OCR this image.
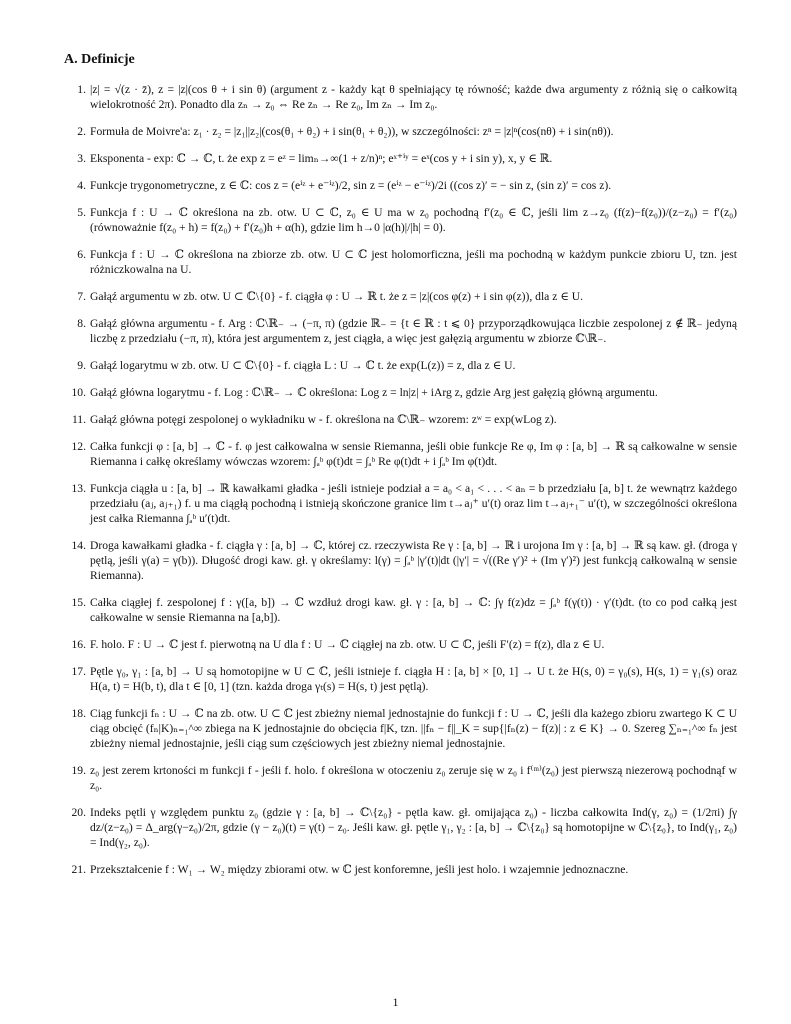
A. Definicje
1. |z| = √(z · z̄), z = |z|(cos θ + i sin θ) (argument z - każdy kąt θ spełniający tę równość; każde dwa argumenty z różnią się o całkowitą wielokrotność 2π). Ponadto dla zₙ → z₀ ⇔ Re zₙ → Re z₀, Im zₙ → Im z₀.
2. Formuła de Moivre'a: z₁ · z₂ = |z₁||z₂|(cos(θ₁ + θ₂) + i sin(θ₁ + θ₂)), w szczególności: zⁿ = |z|ⁿ(cos(nθ) + i sin(nθ)).
3. Eksponenta - exp: ℂ → ℂ, t. że exp z = eᶻ = limₙ→∞(1 + z/n)ⁿ; eˣ⁺ⁱʸ = eˣ(cos y + i sin y), x, y ∈ ℝ.
4. Funkcje trygonometryczne, z ∈ ℂ: cos z = (eⁱᶻ + e⁻ⁱᶻ)/2, sin z = (eⁱᶻ − e⁻ⁱᶻ)/2i ((cos z)′ = − sin z, (sin z)′ = cos z).
5. Funkcja f : U → ℂ określona na zb. otw. U ⊂ ℂ, z₀ ∈ U ma w z₀ pochodną f′(z₀ ∈ ℂ, jeśli lim z→z₀ (f(z)−f(z₀))/(z−z₀) = f′(z₀) (równoważnie f(z₀ + h) = f(z₀) + f′(z₀)h + α(h), gdzie lim h→0 |α(h)|/|h| = 0).
6. Funkcja f : U → ℂ określona na zbiorze zb. otw. U ⊂ ℂ jest holomorficzna, jeśli ma pochodną w każdym punkcie zbioru U, tzn. jest różniczkowalna na U.
7. Gałąź argumentu w zb. otw. U ⊂ ℂ\{0} - f. ciągła φ : U → ℝ t. że z = |z|(cos φ(z) + i sin φ(z)), dla z ∈ U.
8. Gałąź główna argumentu - f. Arg : ℂ\ℝ₋ → (−π, π) (gdzie ℝ₋ = {t ∈ ℝ : t ⩽ 0} przyporządkowująca liczbie zespolonej z ∉ ℝ₋ jedyną liczbę z przedziału (−π, π), która jest argumentem z, jest ciągła, a więc jest gałęzią argumentu w zbiorze ℂ\ℝ₋.
9. Gałąź logarytmu w zb. otw. U ⊂ ℂ\{0} - f. ciągła L : U → ℂ t. że exp(L(z)) = z, dla z ∈ U.
10. Gałąź główna logarytmu - f. Log : ℂ\ℝ₋ → ℂ określona: Log z = ln|z| + iArg z, gdzie Arg jest gałęzią główną argumentu.
11. Gałąź główna potęgi zespolonej o wykładniku w - f. określona na ℂ\ℝ₋ wzorem: zʷ = exp(wLog z).
12. Całka funkcji φ : [a, b] → ℂ - f. φ jest całkowalna w sensie Riemanna, jeśli obie funkcje Re φ, Im φ : [a, b] → ℝ są całkowalne w sensie Riemanna i całkę określamy wówczas wzorem: ∫ₐᵇ φ(t)dt = ∫ₐᵇ Re φ(t)dt + i ∫ₐᵇ Im φ(t)dt.
13. Funkcja ciągła u : [a, b] → ℝ kawałkami gładka - jeśli istnieje podział a = a₀ < a₁ < . . . < aₙ = b przedziału [a, b] t. że wewnątrz każdego przedziału (aⱼ, aⱼ₊₁) f. u ma ciągłą pochodną i istnieją skończone granice lim t→aⱼ⁺ u′(t) oraz lim t→aⱼ₊₁⁻ u′(t), w szczególności określona jest całka Riemanna ∫ₐᵇ u′(t)dt.
14. Droga kawałkami gładka - f. ciągła γ : [a, b] → ℂ, której cz. rzeczywista Re γ : [a, b] → ℝ i urojona Im γ : [a, b] → ℝ są kaw. gł. (droga γ pętlą, jeśli γ(a) = γ(b)). Długość drogi kaw. gł. γ określamy: l(γ) = ∫ₐᵇ |γ′(t)|dt (|γ′| = √((Re γ′)² + (Im γ′)²) jest funkcją całkowalną w sensie Riemanna).
15. Całka ciągłej f. zespolonej f : γ([a, b]) → ℂ wzdłuż drogi kaw. gł. γ : [a, b] → ℂ: ∫γ f(z)dz = ∫ₐᵇ f(γ(t)) · γ′(t)dt. (to co pod całką jest całkowalne w sensie Riemanna na [a,b]).
16. F. holo. F : U → ℂ jest f. pierwotną na U dla f : U → ℂ ciągłej na zb. otw. U ⊂ ℂ, jeśli F′(z) = f(z), dla z ∈ U.
17. Pętle γ₀, γ₁ : [a, b] → U są homotopijne w U ⊂ ℂ, jeśli istnieje f. ciągła H : [a, b] × [0, 1] → U t. że H(s, 0) = γ₀(s), H(s, 1) = γ₁(s) oraz H(a, t) = H(b, t), dla t ∈ [0, 1] (tzn. każda droga γₜ(s) = H(s, t) jest pętlą).
18. Ciąg funkcji fₙ : U → ℂ na zb. otw. U ⊂ ℂ jest zbieżny niemal jednostajnie do funkcji f : U → ℂ, jeśli dla każego zbioru zwartego K ⊂ U ciąg obcięć (fₙ|K)ₙ₌₁^∞ zbiega na K jednostajnie do obcięcia f|K, tzn. ||fₙ − f||_K = sup{|fₙ(z) − f(z)| : z ∈ K} → 0. Szereg ∑ₙ₌₁^∞ fₙ jest zbieżny niemal jednostajnie, jeśli ciąg sum częściowych jest zbieżny niemal jednostajnie.
19. z₀ jest zerem krtoności m funkcji f - jeśli f. holo. f określona w otoczeniu z₀ zeruje się w z₀ i f⁽ᵐ⁾(z₀) jest pierwszą niezerową pochodnąf w z₀.
20. Indeks pętli γ względem punktu z₀ (gdzie γ : [a, b] → ℂ\{z₀} - pętla kaw. gł. omijająca z₀) - liczba całkowita Ind(γ, z₀) = (1/2πi) ∫γ dz/(z−z₀) = Δ_arg(γ−z₀)/2π, gdzie (γ − z₀)(t) = γ(t) − z₀. Jeśli kaw. gł. pętle γ₁, γ₂ : [a, b] → ℂ\{z₀} są homotopijne w ℂ\{z₀}, to Ind(γ₁, z₀) = Ind(γ₂, z₀).
21. Przekształcenie f : W₁ → W₂ między zbiorami otw. w ℂ jest konforemne, jeśli jest holo. i wzajemnie jednoznaczne.
1
